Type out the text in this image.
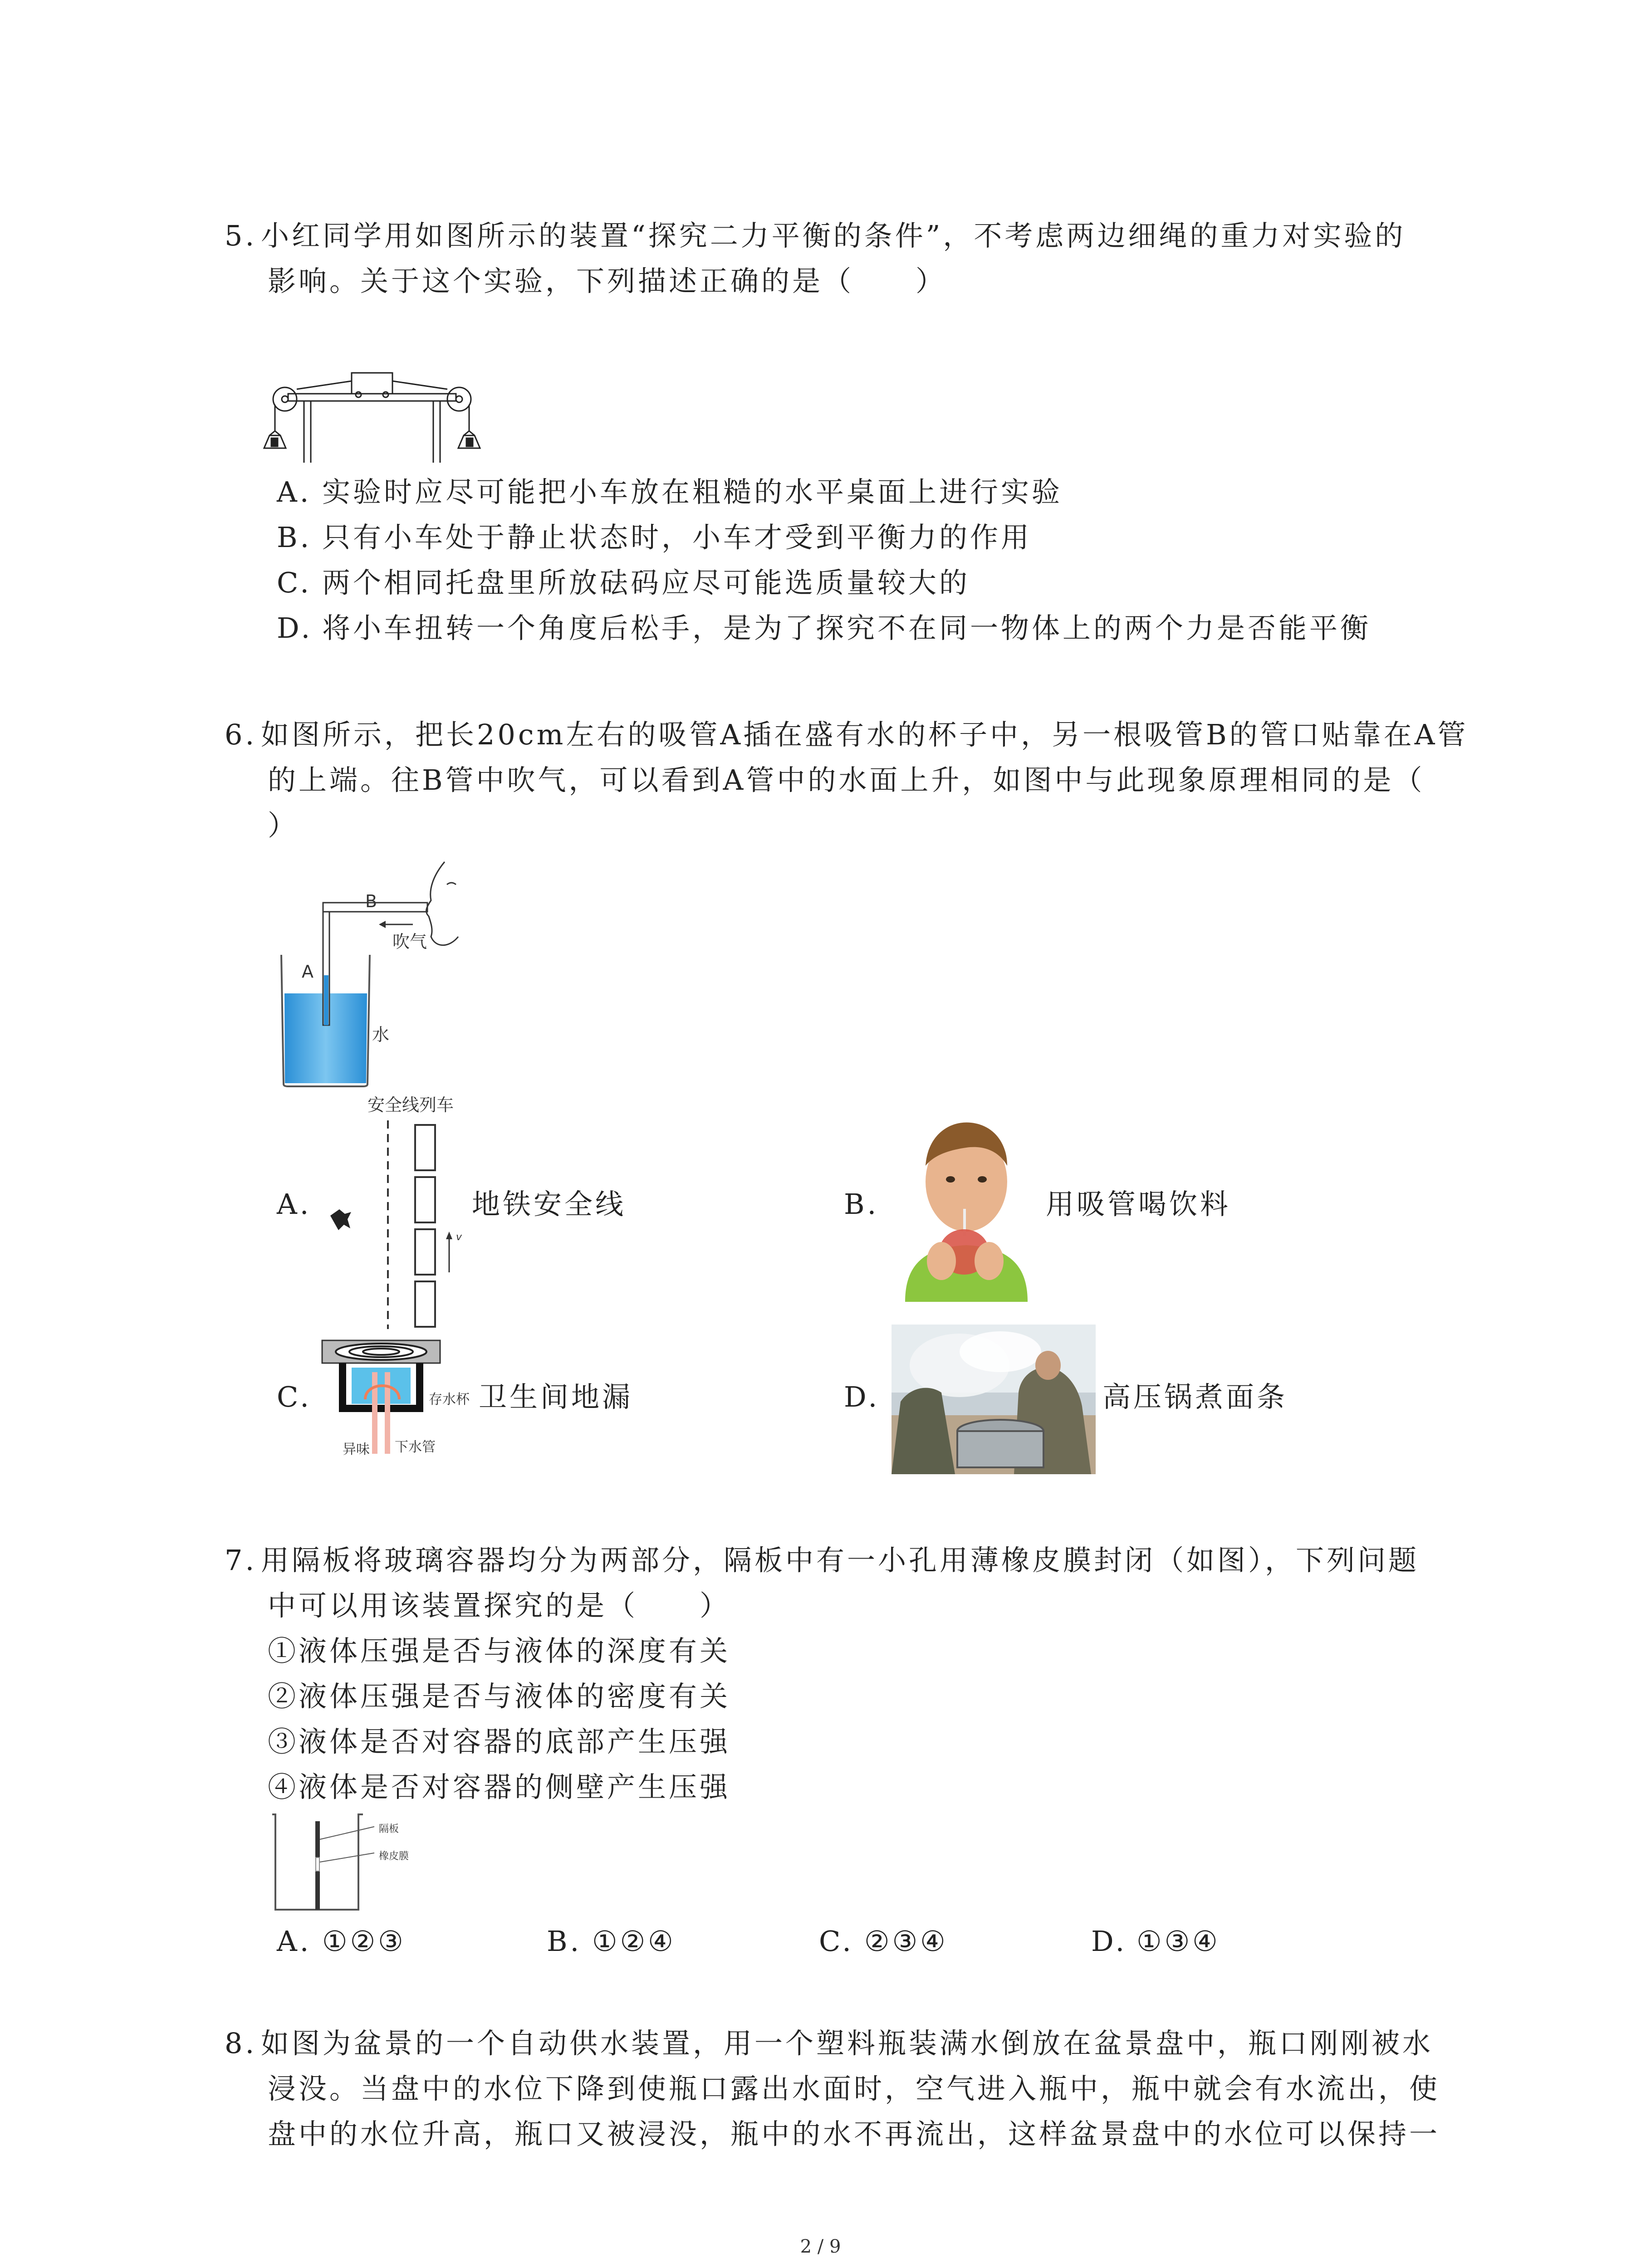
5. 小红同学用如图所示的装置“探究二力平衡的条件”，不考虑两边细绳的重力对实验的
影响。关于这个实验，下列描述正确的是（　　）
A. 实验时应尽可能把小车放在粗糙的水平桌面上进行实验
B. 只有小车处于静止状态时，小车才受到平衡力的作用
C. 两个相同托盘里所放砝码应尽可能选质量较大的
D. 将小车扭转一个角度后松手，是为了探究不在同一物体上的两个力是否能平衡
6. 如图所示，把长20cm左右的吸管A插在盛有水的杯子中，另一根吸管B的管口贴靠在A管
的上端。往B管中吹气，可以看到A管中的水面上升，如图中与此现象原理相同的是（
）
B
A
吹气
水
安全线列车
v
A.	地铁安全线	B.	用吸管喝饮料
存水杯
异味 下水管
C.	卫生间地漏	D.	高压锅煮面条
7. 用隔板将玻璃容器均分为两部分，隔板中有一小孔用薄橡皮膜封闭（如图），下列问题
中可以用该装置探究的是（　　）
①液体压强是否与液体的深度有关
②液体压强是否与液体的密度有关
③液体是否对容器的底部产生压强
④液体是否对容器的侧壁产生压强
隔板
橡皮膜
A. ①②③	B. ①②④	C. ②③④	D. ①③④
8. 如图为盆景的一个自动供水装置，用一个塑料瓶装满水倒放在盆景盘中，瓶口刚刚被水
浸没。当盘中的水位下降到使瓶口露出水面时，空气进入瓶中，瓶中就会有水流出，使
盘中的水位升高，瓶口又被浸没，瓶中的水不再流出，这样盆景盘中的水位可以保持一
2 / 9
